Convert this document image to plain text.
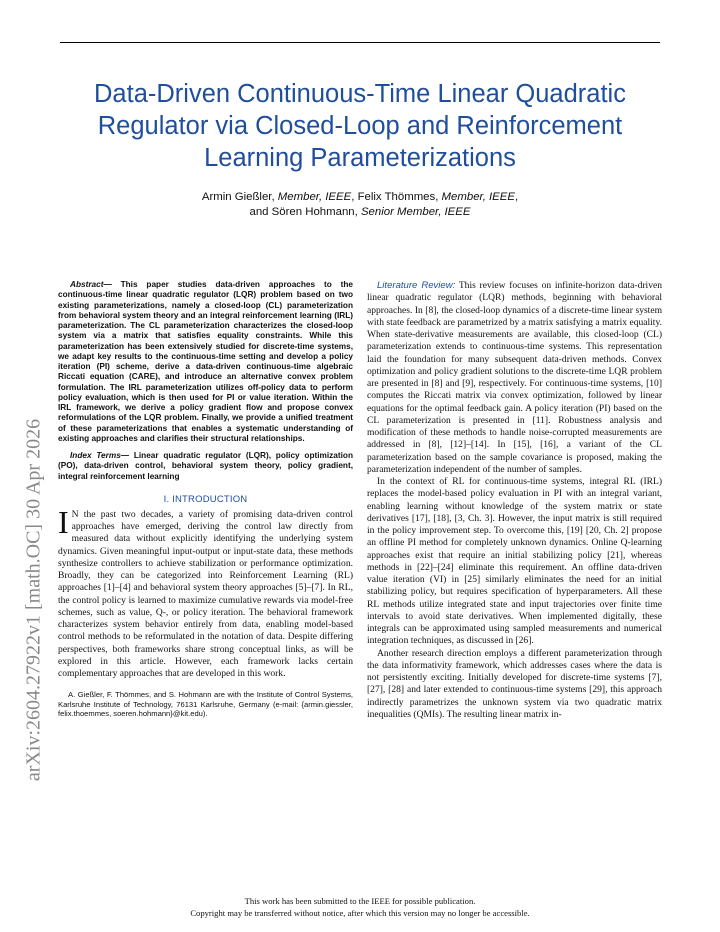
arXiv:2604.27922v1 [math.OC] 30 Apr 2026
Data-Driven Continuous-Time Linear Quadratic Regulator via Closed-Loop and Reinforcement Learning Parameterizations
Armin Gießler, Member, IEEE, Felix Thömmes, Member, IEEE,
and Sören Hohmann, Senior Member, IEEE

Abstract— This paper studies data-driven approaches to the continuous-time linear quadratic regulator (LQR) problem based on two existing parameterizations, namely a closed-loop (CL) parameterization from behavioral system theory and an integral reinforcement learning (IRL) parameterization. The CL parameterization characterizes the closed-loop system via a matrix that satisfies equality constraints. While this parameterization has been extensively studied for discrete-time systems, we adapt key results to the continuous-time setting and develop a policy iteration (PI) scheme, derive a data-driven continuous-time algebraic Riccati equation (CARE), and introduce an alternative convex problem formulation. The IRL parameterization utilizes off-policy data to perform policy evaluation, which is then used for PI or value iteration. Within the IRL framework, we derive a policy gradient flow and propose convex reformulations of the LQR problem. Finally, we provide a unified treatment of these parameterizations that enables a systematic understanding of existing approaches and clarifies their structural relationships.

Index Terms— Linear quadratic regulator (LQR), policy optimization (PO), data-driven control, behavioral system theory, policy gradient, integral reinforcement learning

I. INTRODUCTION

I N the past two decades, a variety of promising data-driven control approaches have emerged, deriving the control law directly from measured data without explicitly identifying the underlying system dynamics. Given meaningful input-output or input-state data, these methods synthesize controllers to achieve stabilization or performance optimization. Broadly, they can be categorized into Reinforcement Learning (RL) approaches [1]–[4] and behavioral system theory approaches [5]–[7]. In RL, the control policy is learned to maximize cumulative rewards via model-free schemes, such as value, Q-, or policy iteration. The behavioral framework characterizes system behavior entirely from data, enabling model-based control methods to be reformulated in the notation of data. Despite differing perspectives, both frameworks share strong conceptual links, as will be explored in this article. However, each framework lacks certain complementary approaches that are developed in this work.

A. Gießler, F. Thömmes, and S. Hohmann are with the Institute of Control Systems, Karlsruhe Institute of Technology, 76131 Karlsruhe, Germany (e-mail: {armin.giessler, felix.thoemmes, soeren.hohmann}@kit.edu).

Literature Review: This review focuses on infinite-horizon data-driven linear quadratic regulator (LQR) methods, beginning with behavioral approaches. In [8], the closed-loop dynamics of a discrete-time linear system with state feedback are parametrized by a matrix satisfying a matrix equality. When state-derivative measurements are available, this closed-loop (CL) parameterization extends to continuous-time systems. This representation laid the foundation for many subsequent data-driven methods. Convex optimization and policy gradient solutions to the discrete-time LQR problem are presented in [8] and [9], respectively. For continuous-time systems, [10] computes the Riccati matrix via convex optimization, followed by linear equations for the optimal feedback gain. A policy iteration (PI) based on the CL parameterization is presented in [11]. Robustness analysis and modification of these methods to handle noise-corrupted measurements are addressed in [8], [12]–[14]. In [15], [16], a variant of the CL parameterization based on the sample covariance is proposed, making the parameterization independent of the number of samples.

In the context of RL for continuous-time systems, integral RL (IRL) replaces the model-based policy evaluation in PI with an integral variant, enabling learning without knowledge of the system matrix or state derivatives [17], [18], [3, Ch. 3]. However, the input matrix is still required in the policy improvement step. To overcome this, [19] [20, Ch. 2] propose an offline PI method for completely unknown dynamics. Online Q-learning approaches exist that require an initial stabilizing policy [21], whereas methods in [22]–[24] eliminate this requirement. An offline data-driven value iteration (VI) in [25] similarly eliminates the need for an initial stabilizing policy, but requires specification of hyperparameters. All these RL methods utilize integrated state and input trajectories over finite time intervals to avoid state derivatives. When implemented digitally, these integrals can be approximated using sampled measurements and numerical integration techniques, as discussed in [26].

Another research direction employs a different parameterization through the data informativity framework, which addresses cases where the data is not persistently exciting. Initially developed for discrete-time systems [7], [27], [28] and later extended to continuous-time systems [29], this approach indirectly parametrizes the unknown system via two quadratic matrix inequalities (QMIs). The resulting linear matrix in-

This work has been submitted to the IEEE for possible publication.
Copyright may be transferred without notice, after which this version may no longer be accessible.
